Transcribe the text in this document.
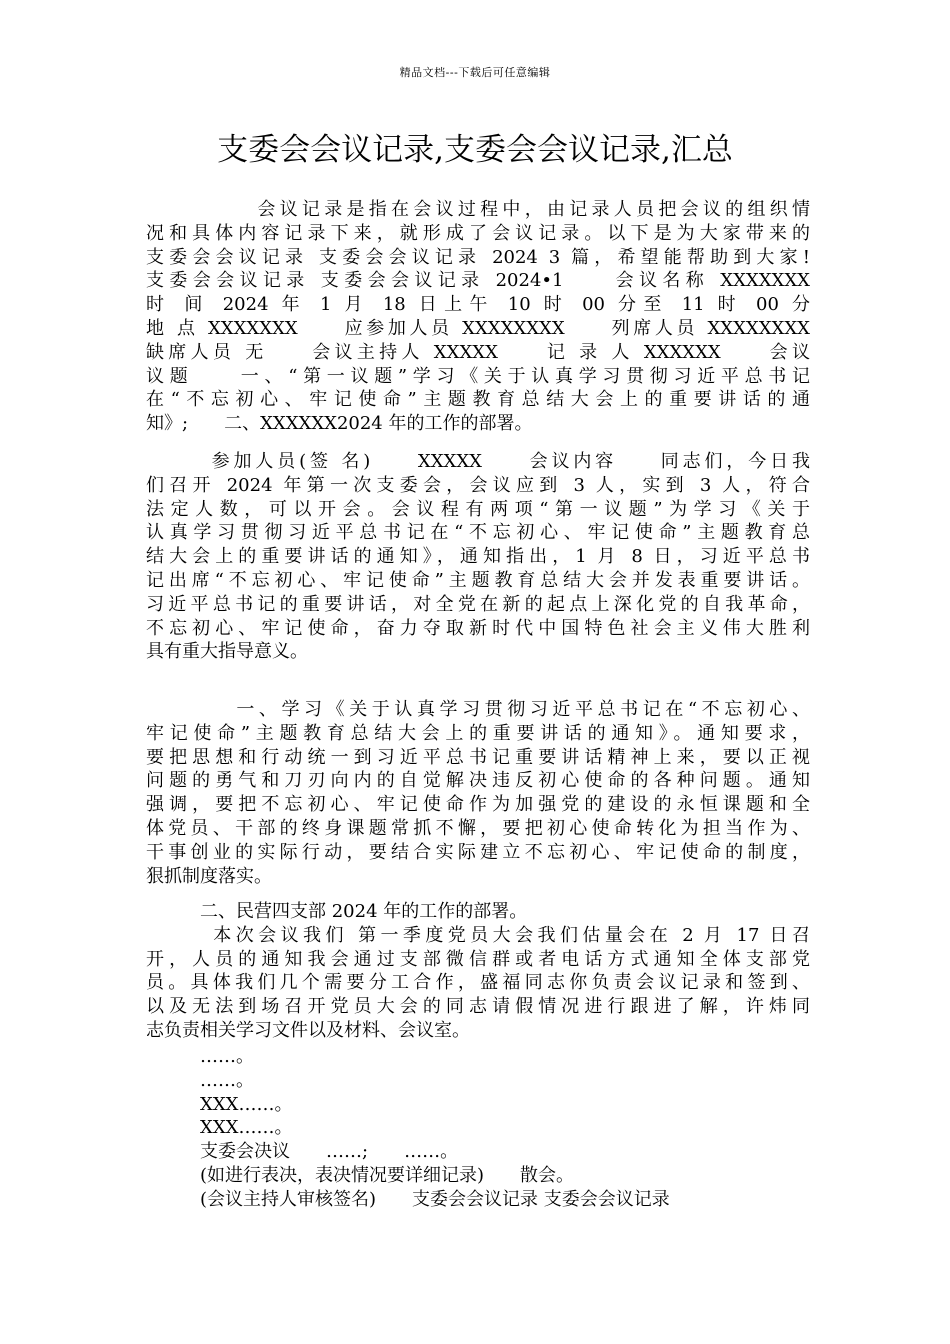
精品文档---下载后可任意编辑
支委会会议记录,支委会会议记录,汇总
　　　　　会议记录是指在会议过程中，由记录人员把会议的组织情
况和具体内容记录下来，就形成了会议记录。以下是为大家带来的
支委会会议记录 支委会会议记录 2024 3 篇，希望能帮助到大家!
支委会会议记录 支委会会议记录 2024•1　　会议名称 XXXXXXX
时 间 2024 年 1 月 18 日上午 10 时 00 分至 11 时 00 分
地 点 XXXXXXX　　应参加人员 XXXXXXXX　　列席人员 XXXXXXXX
缺席人员 无　　会议主持人 XXXXX　　记 录 人 XXXXXX　　会议
议题　　一、“第一议题”学习《关于认真学习贯彻习近平总书记
在“不忘初心、牢记使命”主题教育总结大会上的重要讲话的通
知》;　　二、XXXXXX2024 年的工作的部署。
　　　参加人员(签 名)　　XXXXX　　会议内容　　同志们，今日我
们召开 2024 年第一次支委会，会议应到 3 人，实到 3 人，符合
法定人数，可以开会。会议程有两项“第一议题”为学习《关于
认真学习贯彻习近平总书记在“不忘初心、牢记使命”主题教育总
结大会上的重要讲话的通知》，通知指出，1 月 8 日，习近平总书
记出席“不忘初心、牢记使命”主题教育总结大会并发表重要讲话。
习近平总书记的重要讲话，对全党在新的起点上深化党的自我革命，
不忘初心、牢记使命，奋力夺取新时代中国特色社会主义伟大胜利
具有重大指导意义。
　　　　一、学习《关于认真学习贯彻习近平总书记在“不忘初心、
牢记使命”主题教育总结大会上的重要讲话的通知》。通知要求，
要把思想和行动统一到习近平总书记重要讲话精神上来，要以正视
问题的勇气和刀刃向内的自觉解决违反初心使命的各种问题。通知
强调，要把不忘初心、牢记使命作为加强党的建设的永恒课题和全
体党员、干部的终身课题常抓不懈，要把初心使命转化为担当作为、
干事创业的实际行动，要结合实际建立不忘初心、牢记使命的制度，
狠抓制度落实。
　　　二、民营四支部 2024 年的工作的部署。
　　　本次会议我们 第一季度党员大会我们估量会在 2 月 17 日召
开，人员的通知我会通过支部微信群或者电话方式通知全体支部党
员。具体我们几个需要分工合作，盛福同志你负责会议记录和签到、
以及无法到场召开党员大会的同志请假情况进行跟进了解，许炜同
志负责相关学习文件以及材料、会议室。
　　　……。
　　　……。
　　　XXX……。
　　　XXX……。
　　　支委会决议　　……;　　……。
　　　(如进行表决，表决情况要详细记录)　　散会。
　　　(会议主持人审核签名)　　支委会会议记录 支委会会议记录
